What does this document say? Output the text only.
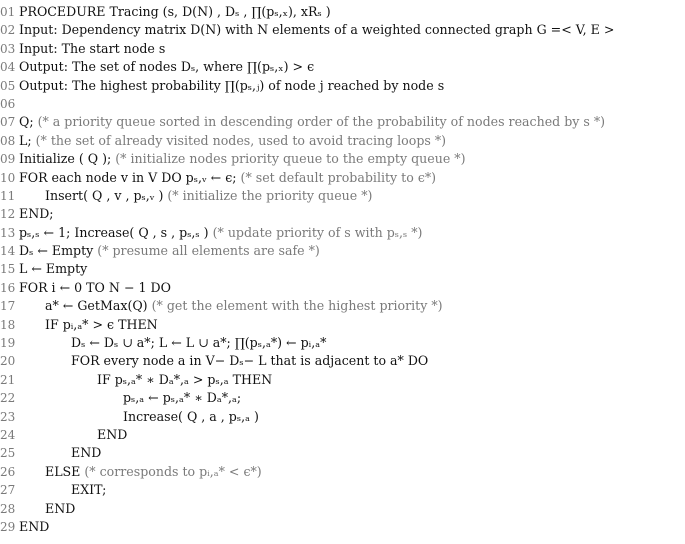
01 PROCEDURE Tracing (s, D(N) , Dₛ , ∏(pₛ,ₓ), xRₛ )
02 Input: Dependency matrix D(N) with N elements of a weighted connected graph G =< V, E >
03 Input: The start node s
04 Output: The set of nodes Dₛ, where ∏(pₛ,ₓ) > ϵ
05 Output: The highest probability ∏(pₛ,ⱼ) of node j reached by node s
06
07 Q; (* a priority queue sorted in descending order of the probability of nodes reached by s *)
08 L; (* the set of already visited nodes, used to avoid tracing loops *)
09 Initialize ( Q ); (* initialize nodes priority queue to the empty queue *)
10 FOR each node v in V DO pₛ,ᵥ ← ϵ; (* set default probability to ϵ*)
11 Insert( Q , v , pₛ,ᵥ ) (* initialize the priority queue *)
12 END;
13 pₛ,ₛ ← 1; Increase( Q , s , pₛ,ₛ ) (* update priority of s with pₛ,ₛ *)
14 Dₛ ← Empty (* presume all elements are safe *)
15 L ← Empty
16 FOR i ← 0 TO N − 1 DO
17 a* ← GetMax(Q) (* get the element with the highest priority *)
18 IF pᵢ,ₐ* > ϵ THEN
19	Dₛ ← Dₛ ∪ a*; L ← L ∪ a*; ∏(pₛ,ₐ*) ← pᵢ,ₐ*
20	FOR every node a in V− Dₛ− L that is adjacent to a* DO
21	IF pₛ,ₐ* ∗ Dₐ*,ₐ > pₛ,ₐ THEN
22	pₛ,ₐ ← pₛ,ₐ* ∗ Dₐ*,ₐ;
23	Increase( Q , a , pₛ,ₐ )
24	END
25	END
26 ELSE (* corresponds to pᵢ,ₐ* < ϵ*)
27	EXIT;
28 END
29 END
